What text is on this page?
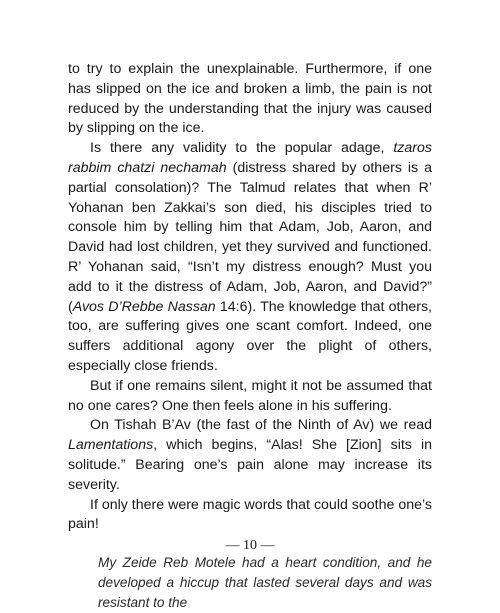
to try to explain the unexplainable. Furthermore, if one has slipped on the ice and broken a limb, the pain is not reduced by the understanding that the injury was caused by slipping on the ice.

Is there any validity to the popular adage, tzaros rabbim chatzi nechamah (distress shared by others is a partial consolation)? The Talmud relates that when R’ Yohanan ben Zakkai’s son died, his disciples tried to console him by telling him that Adam, Job, Aaron, and David had lost children, yet they survived and functioned. R’ Yohanan said, “Isn’t my distress enough? Must you add to it the distress of Adam, Job, Aaron, and David?” (Avos D’Rebbe Nassan 14:6). The knowledge that others, too, are suffering gives one scant comfort. Indeed, one suffers additional agony over the plight of others, especially close friends.

But if one remains silent, might it not be assumed that no one cares? One then feels alone in his suffering.

On Tishah B’Av (the fast of the Ninth of Av) we read Lamentations, which begins, “Alas! She [Zion] sits in solitude.” Bearing one’s pain alone may increase its severity.

If only there were magic words that could soothe one’s pain!

My Zeide Reb Motele had a heart condition, and he developed a hiccup that lasted several days and was resistant to the

— 10 —
